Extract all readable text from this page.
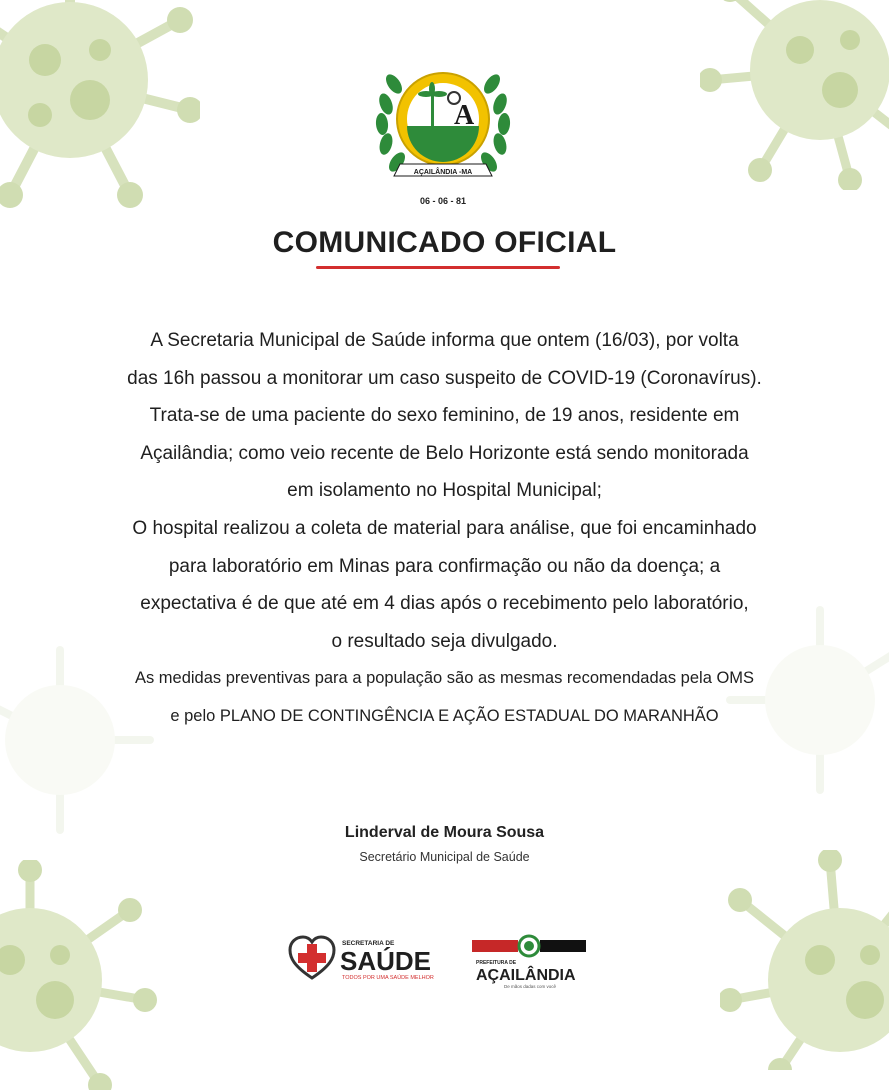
A
AÇAILÂNDIA -MA
06 - 06 - 81
COMUNICADO OFICIAL
A Secretaria Municipal de Saúde informa que ontem (16/03), por volta
das 16h passou a monitorar um caso suspeito de COVID-19 (Coronavírus).
Trata-se de uma paciente do sexo feminino, de 19 anos, residente em
Açailândia; como veio recente de Belo Horizonte está sendo monitorada
em isolamento no Hospital Municipal;
O hospital realizou a coleta de material para análise, que foi encaminhado
para laboratório em Minas para confirmação ou não da doença; a
expectativa é de que até em 4 dias após o recebimento pelo laboratório,
o resultado seja divulgado.
As medidas preventivas para a população são as mesmas recomendadas pela OMS
e pelo PLANO DE CONTINGÊNCIA E AÇÃO ESTADUAL DO MARANHÃO
Linderval de Moura Sousa
Secretário Municipal de Saúde
SECRETARIA DE
SAÚDE
TODOS POR UMA SAÚDE MELHOR
PREFEITURA DE
AÇAILÂNDIA
De mãos dadas com você
